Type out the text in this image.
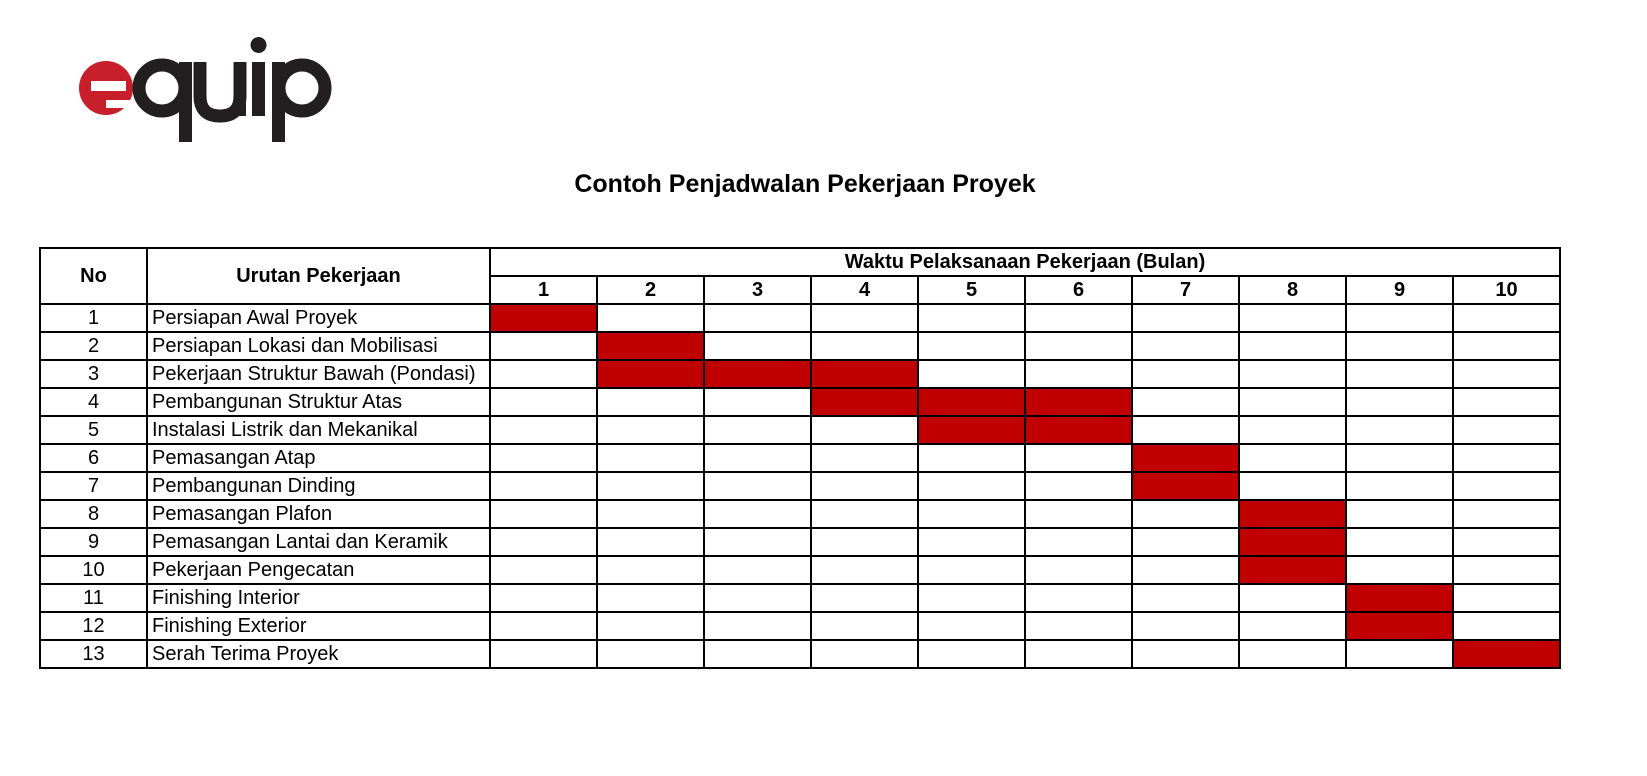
Contoh Penjadwalan Pekerjaan Proyek
No	Urutan Pekerjaan	Waktu Pelaksanaan Pekerjaan (Bulan)									
		1	2	3	4	5	6	7	8	9	10
1	Persiapan Awal Proyek										
2	Persiapan Lokasi dan Mobilisasi										
3	Pekerjaan Struktur Bawah (Pondasi)										
4	Pembangunan Struktur Atas										
5	Instalasi Listrik dan Mekanikal										
6	Pemasangan Atap										
7	Pembangunan Dinding										
8	Pemasangan Plafon										
9	Pemasangan Lantai dan Keramik										
10	Pekerjaan Pengecatan										
11	Finishing Interior										
12	Finishing Exterior										
13	Serah Terima Proyek										
